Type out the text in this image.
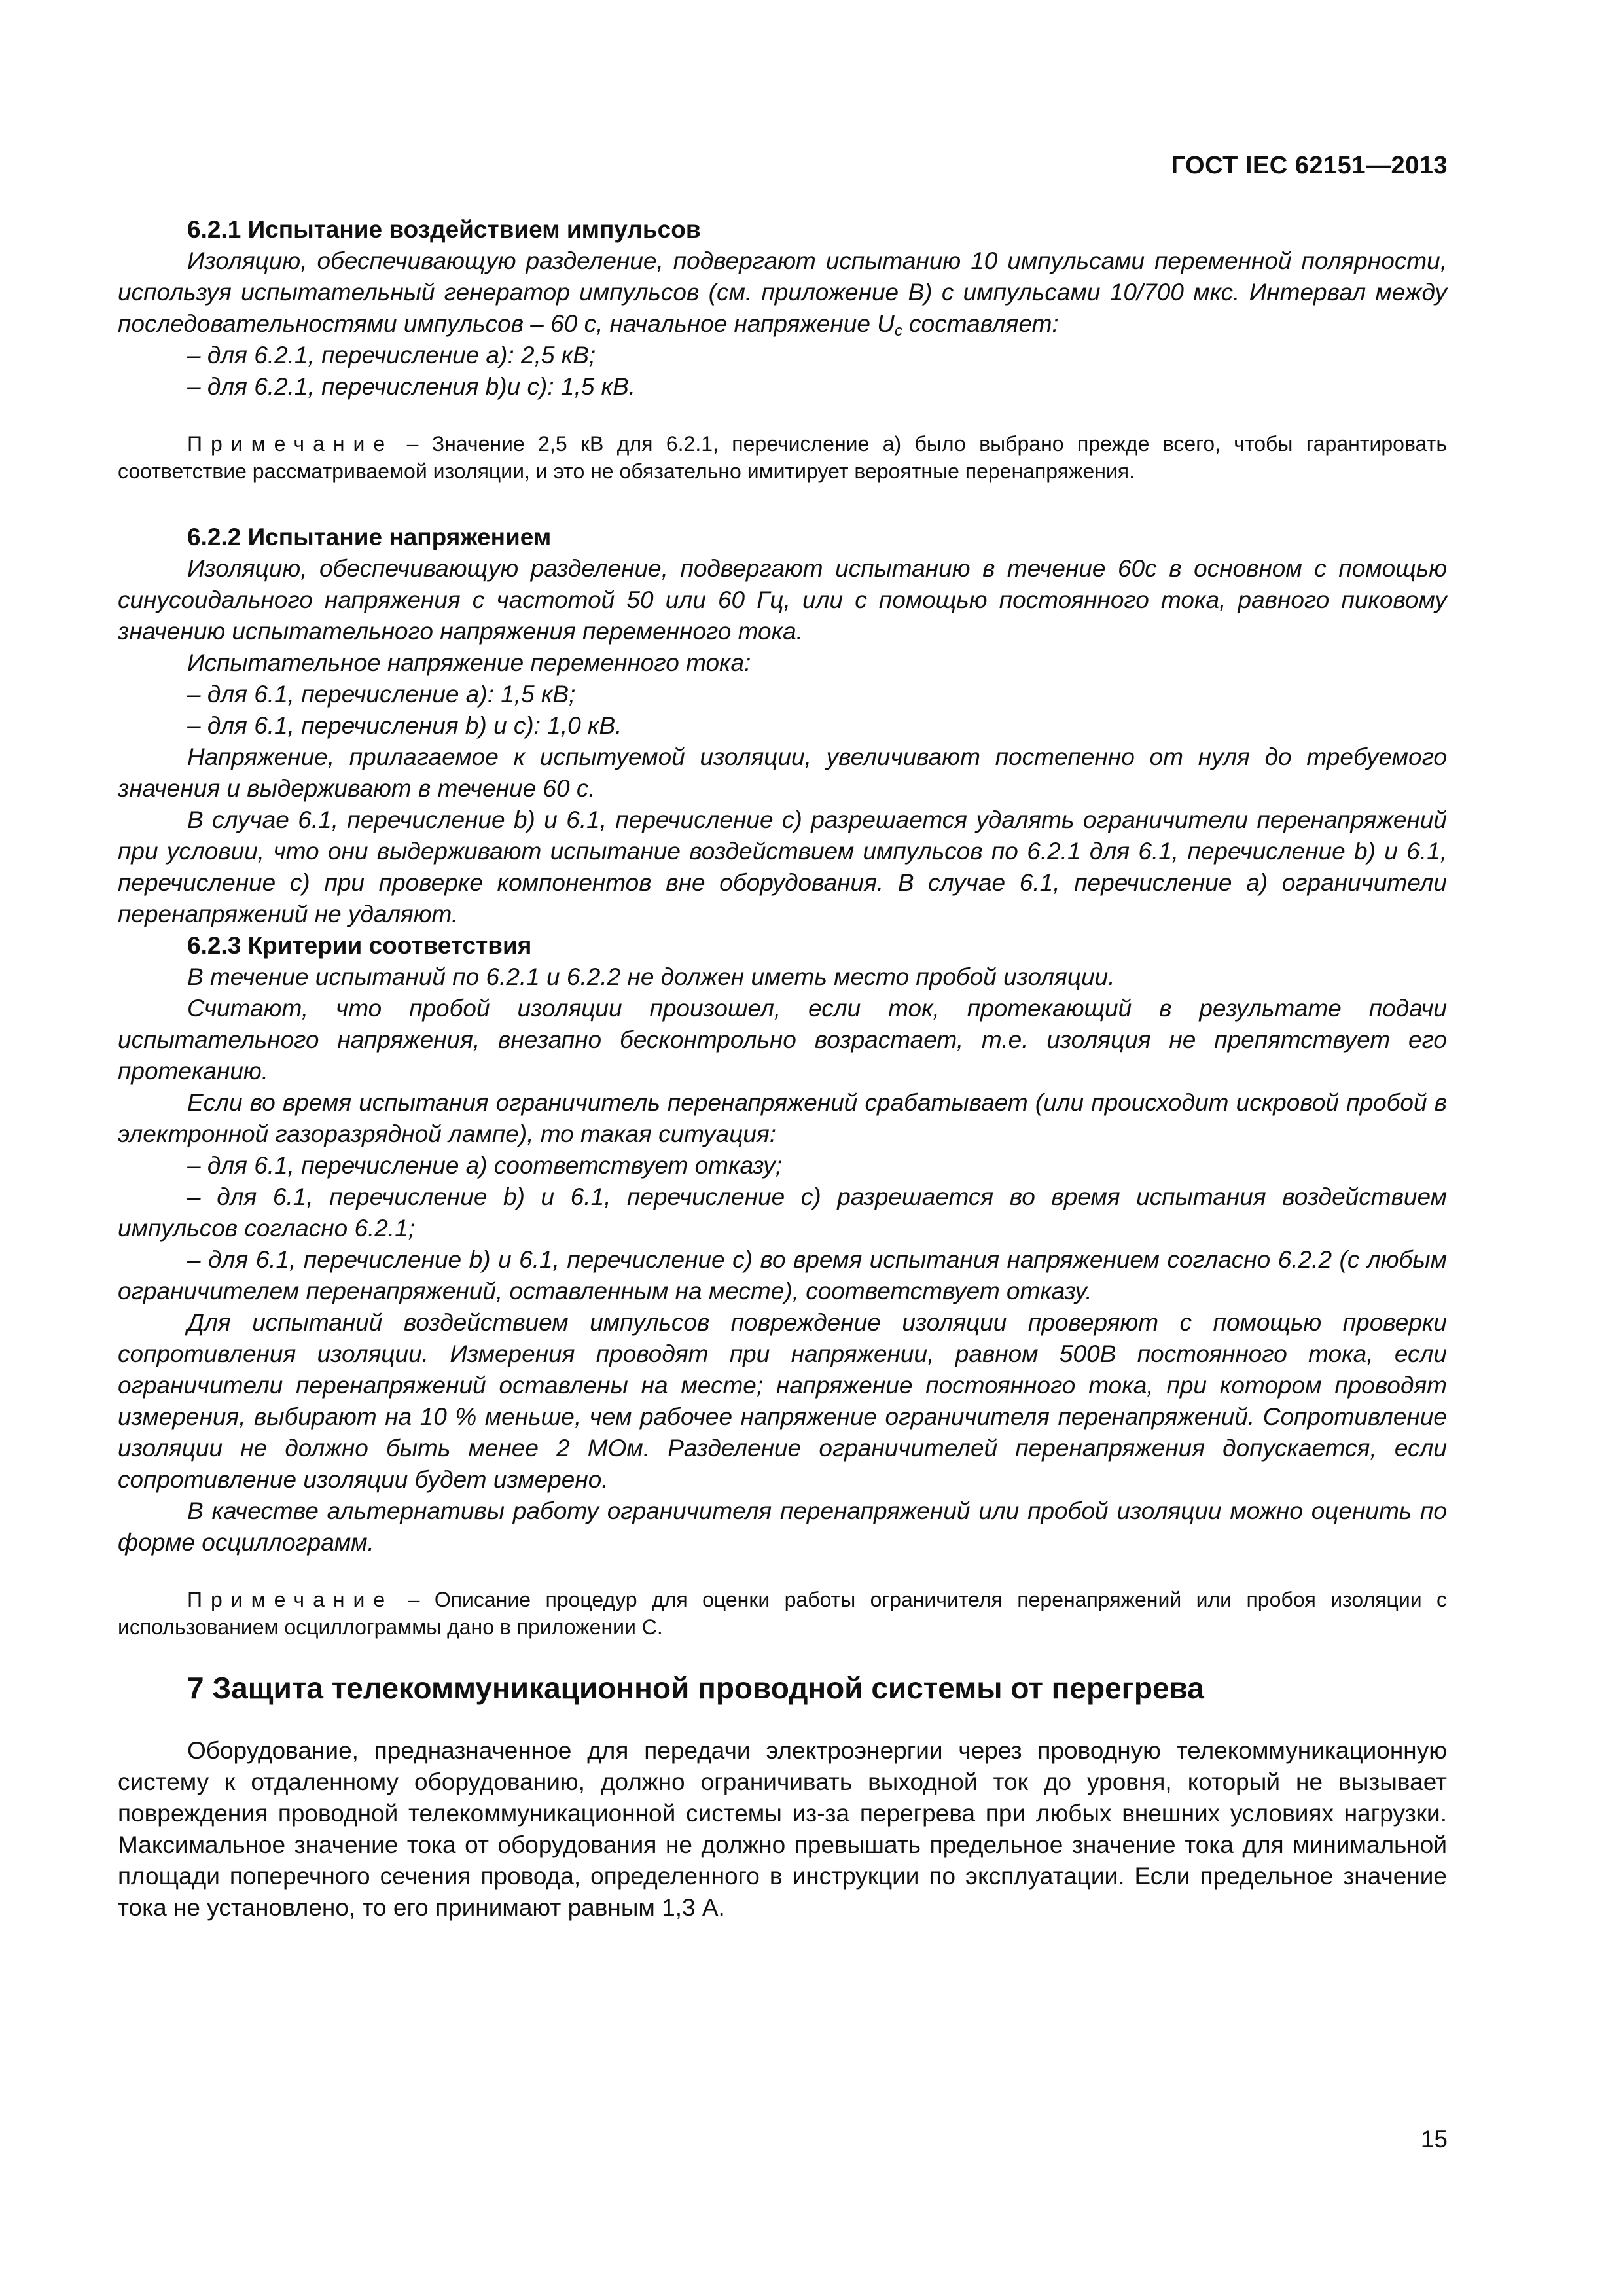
ГОСТ IEC 62151—2013
6.2.1 Испытание воздействием импульсов

Изоляцию, обеспечивающую разделение, подвергают испытанию 10 импульсами переменной полярности, используя испытательный генератор импульсов (см. приложение B) с импульсами 10/700 мкс. Интервал между последовательностями импульсов – 60 с, начальное напряжение $U_с$ составляет:

– для 6.2.1, перечисление a): 2,5 кВ;

– для 6.2.1, перечисления b)и c): 1,5 кВ.

Примечание – Значение 2,5 кВ для 6.2.1, перечисление a) было выбрано прежде всего, чтобы гарантировать соответствие рассматриваемой изоляции, и это не обязательно имитирует вероятные перенапряжения.

6.2.2 Испытание напряжением

Изоляцию, обеспечивающую разделение, подвергают испытанию в течение 60с в основном с помощью синусоидального напряжения с частотой 50 или 60 Гц, или с помощью постоянного тока, равного пиковому значению испытательного напряжения переменного тока.

Испытательное напряжение переменного тока:

– для 6.1, перечисление a): 1,5 кВ;

– для 6.1, перечисления b) и c): 1,0 кВ.

Напряжение, прилагаемое к испытуемой изоляции, увеличивают постепенно от нуля до требуемого значения и выдерживают в течение 60 с.

В случае 6.1, перечисление b) и 6.1, перечисление c) разрешается удалять ограничители перенапряжений при условии, что они выдерживают испытание воздействием импульсов по 6.2.1 для 6.1, перечисление b) и 6.1, перечисление c) при проверке компонентов вне оборудования. В случае 6.1, перечисление a) ограничители перенапряжений не удаляют.

6.2.3 Критерии соответствия

В течение испытаний по 6.2.1 и 6.2.2 не должен иметь место пробой изоляции.

Считают, что пробой изоляции произошел, если ток, протекающий в результате подачи испытательного напряжения, внезапно бесконтрольно возрастает, т.е. изоляция не препятствует его протеканию.

Если во время испытания ограничитель перенапряжений срабатывает (или происходит искровой пробой в электронной газоразрядной лампе), то такая ситуация:

– для 6.1, перечисление a) соответствует отказу;

– для 6.1, перечисление b) и 6.1, перечисление c) разрешается во время испытания воздействием импульсов согласно 6.2.1;

– для 6.1, перечисление b) и 6.1, перечисление c) во время испытания напряжением согласно 6.2.2 (с любым ограничителем перенапряжений, оставленным на месте), соответствует отказу.

Для испытаний воздействием импульсов повреждение изоляции проверяют с помощью проверки сопротивления изоляции. Измерения проводят при напряжении, равном 500В постоянного тока, если ограничители перенапряжений оставлены на месте; напряжение постоянного тока, при котором проводят измерения, выбирают на 10 % меньше, чем рабочее напряжение ограничителя перенапряжений. Сопротивление изоляции не должно быть менее 2 МОм. Разделение ограничителей перенапряжения допускается, если сопротивление изоляции будет измерено.

В качестве альтернативы работу ограничителя перенапряжений или пробой изоляции можно оценить по форме осциллограмм.

Примечание – Описание процедур для оценки работы ограничителя перенапряжений или пробоя изоляции с использованием осциллограммы дано в приложении C.

7 Защита телекоммуникационной проводной системы от перегрева

Оборудование, предназначенное для передачи электроэнергии через проводную телекоммуникационную систему к отдаленному оборудованию, должно ограничивать выходной ток до уровня, который не вызывает повреждения проводной телекоммуникационной системы из-за перегрева при любых внешних условиях нагрузки. Максимальное значение тока от оборудования не должно превышать предельное значение тока для минимальной площади поперечного сечения провода, определенного в инструкции по эксплуатации. Если предельное значение тока не установлено, то его принимают равным 1,3 А.

15
